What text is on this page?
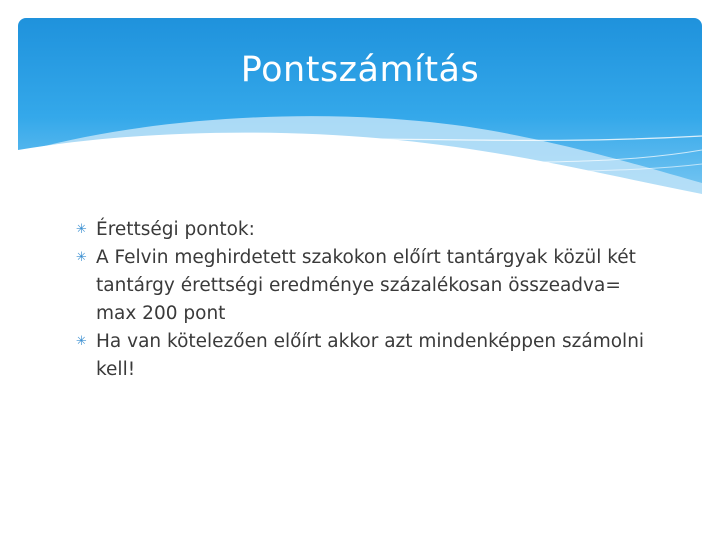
Pontszámítás
✳ Érettségi pontok:
✳ A Felvin meghirdetett szakokon előírt tantárgyak közül két tantárgy érettségi eredménye százalékosan összeadva= max 200 pont
✳ Ha van kötelezően előírt akkor azt mindenképpen számolni kell!
